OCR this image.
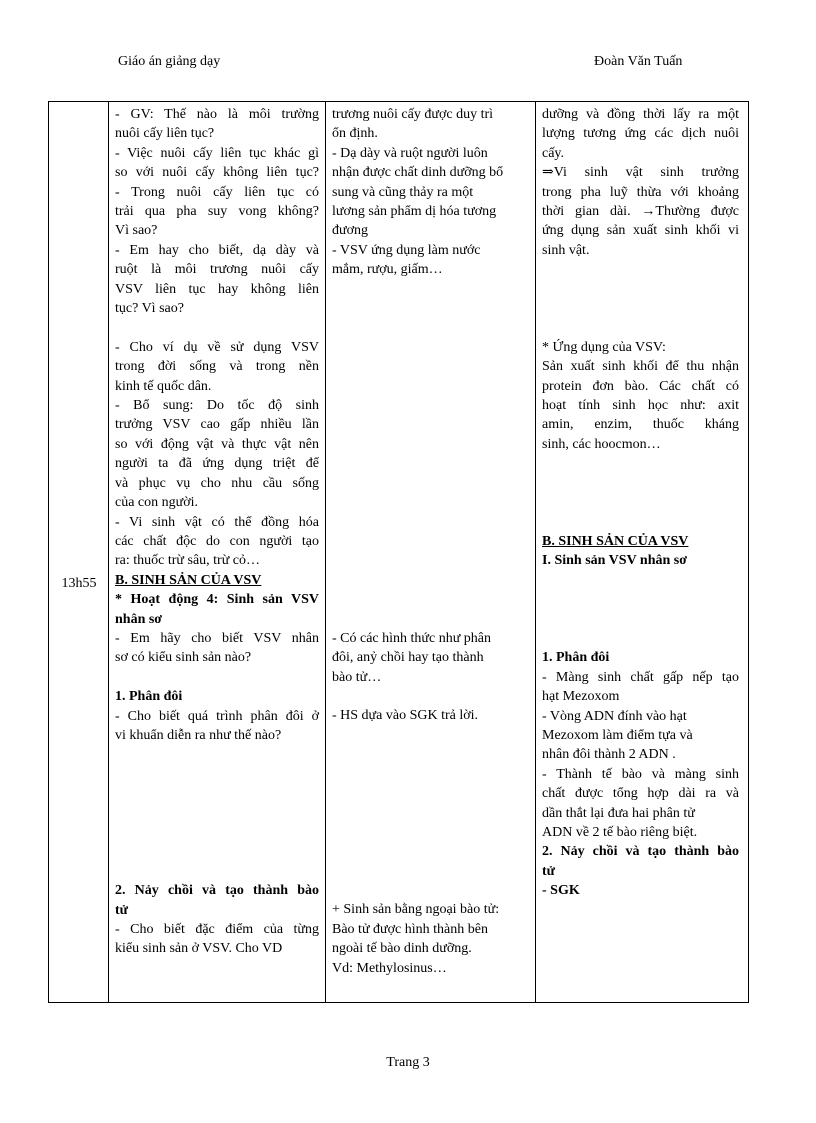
Giáo án giảng dạy	Đoàn Văn Tuấn
13h55

- GV: Thế nào là môi trường

nuôi cấy liên tục?

- Việc nuôi cấy liên tục khác gì

so với nuôi cấy không liên tục?

- Trong nuôi cấy liên tục có

trải qua pha suy vong không?

Vì sao?

- Em hay cho biết, dạ dày và

ruột là môi trương nuôi cấy

VSV liên tục hay không liên

tục? Vì sao?

- Cho ví dụ về sử dụng VSV

trong đời sống và trong nền

kinh tế quốc dân.

- Bổ sung: Do tốc độ sinh

trưởng VSV cao gấp nhiều lần

so với động vật và thực vật nên

người ta đã ứng dụng triệt để

và phục vụ cho nhu cầu sống

của con người.

- Vi sinh vật có thể đồng hóa

các chất độc do con người tạo

ra: thuốc trừ sâu, trừ cỏ…

B. SINH SẢN CỦA VSV

* Hoạt động 4: Sinh sản VSV

nhân sơ

- Em hãy cho biết VSV nhân

sơ có kiểu sinh sản nào?

1. Phân đôi

- Cho biết quá trình phân đôi ở

vi khuẩn diễn ra như thế nào?

2. Nảy chồi và tạo thành bào

tử

- Cho biết đặc điểm của từng

kiểu sinh sản ở VSV. Cho VD

trương nuôi cấy được duy trì

ổn định.

- Dạ dày và ruột người luôn

nhận được chất dinh dưỡng bổ

sung và cũng thảy ra một

lương sản phẩm dị hóa tương

đương

- VSV ứng dụng làm nước

mắm, rượu, giấm…

- Có các hình thức như phân

đôi, anỷ chồi hay tạo thành

bào tử…

- HS dựa vào SGK trả lời.

+ Sinh sản bằng ngoại bào tử:

Bào tử được hình thành bên

ngoài tế bào dinh dưỡng.

Vd: Methylosinus…

dưỡng và đồng thời lấy ra một

lượng tương ứng các dịch nuôi

cấy.

⇒Vi sinh vật sinh trưởng

trong pha luỹ thừa với khoảng

thời gian dài. →Thường được

ứng dụng sản xuất sinh khối vi

sinh vật.

* Ứng dụng của VSV:

Sản xuất sinh khối để thu nhận

protein đơn bào. Các chất có

hoạt tính sinh học như: axit

amin, enzim, thuốc kháng

sinh, các hoocmon…

B. SINH SẢN CỦA VSV

I. Sinh sản VSV nhân sơ

1. Phân đôi

- Màng sinh chất gấp nếp tạo

hạt Mezoxom

- Vòng ADN đính vào hạt

Mezoxom làm điểm tựa và

nhân đôi thành 2 ADN .

- Thành tế bào và màng sinh

chất được tổng hợp dài ra và

dần thắt lại đưa hai phân tử

ADN về 2 tế bào riêng biệt.

2. Nảy chồi và tạo thành bào

tử

- SGK

Trang 3
